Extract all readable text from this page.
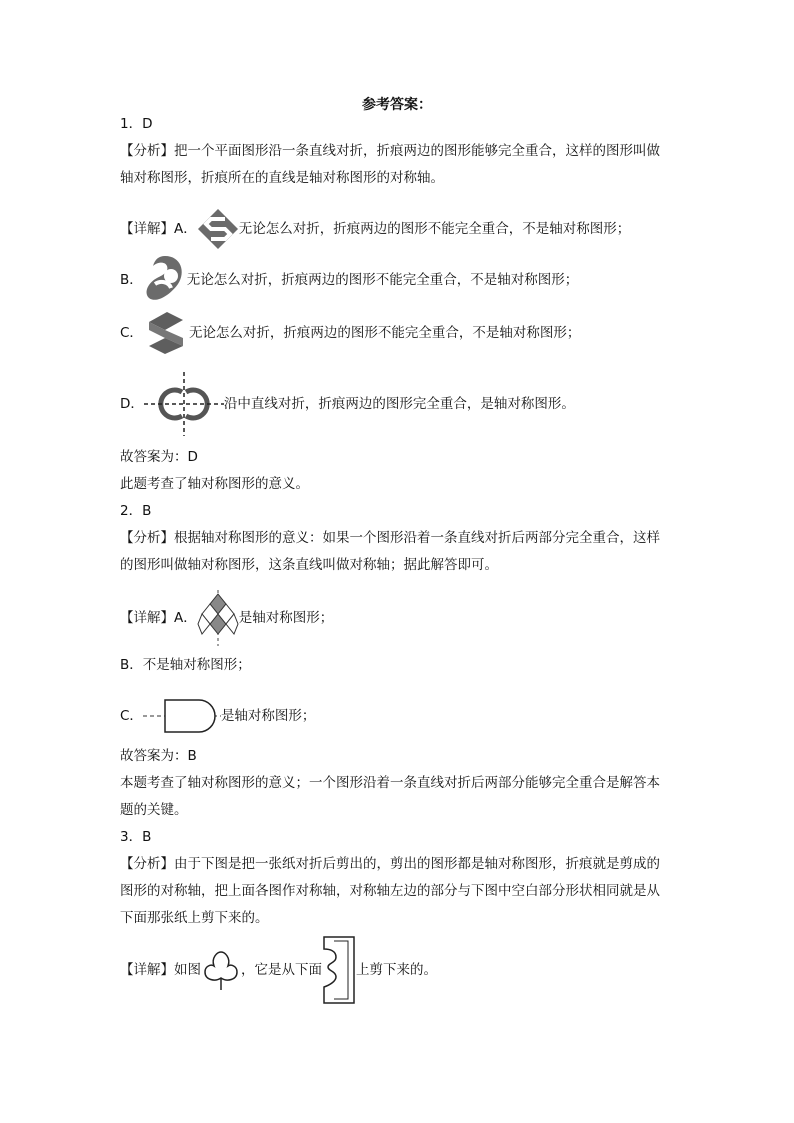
参考答案：
1．D
【分析】把一个平面图形沿一条直线对折，折痕两边的图形能够完全重合，这样的图形叫做
轴对称图形，折痕所在的直线是轴对称图形的对称轴。
【详解】A．	无论怎么对折，折痕两边的图形不能完全重合，不是轴对称图形；
B．	无论怎么对折，折痕两边的图形不能完全重合，不是轴对称图形；
C．	无论怎么对折，折痕两边的图形不能完全重合，不是轴对称图形；
D．	沿中直线对折，折痕两边的图形完全重合，是轴对称图形。
故答案为：D
此题考查了轴对称图形的意义。
2．B
【分析】根据轴对称图形的意义：如果一个图形沿着一条直线对折后两部分完全重合，这样
的图形叫做轴对称图形，这条直线叫做对称轴；据此解答即可。
【详解】A．	是轴对称图形；
B．不是轴对称图形；
C．	是轴对称图形；
故答案为：B
本题考查了轴对称图形的意义；一个图形沿着一条直线对折后两部分能够完全重合是解答本
题的关键。
3．B
【分析】由于下图是把一张纸对折后剪出的，剪出的图形都是轴对称图形，折痕就是剪成的
图形的对称轴，把上面各图作对称轴，对称轴左边的部分与下图中空白部分形状相同就是从
下面那张纸上剪下来的。
【详解】如图	，它是从下面	上剪下来的。
